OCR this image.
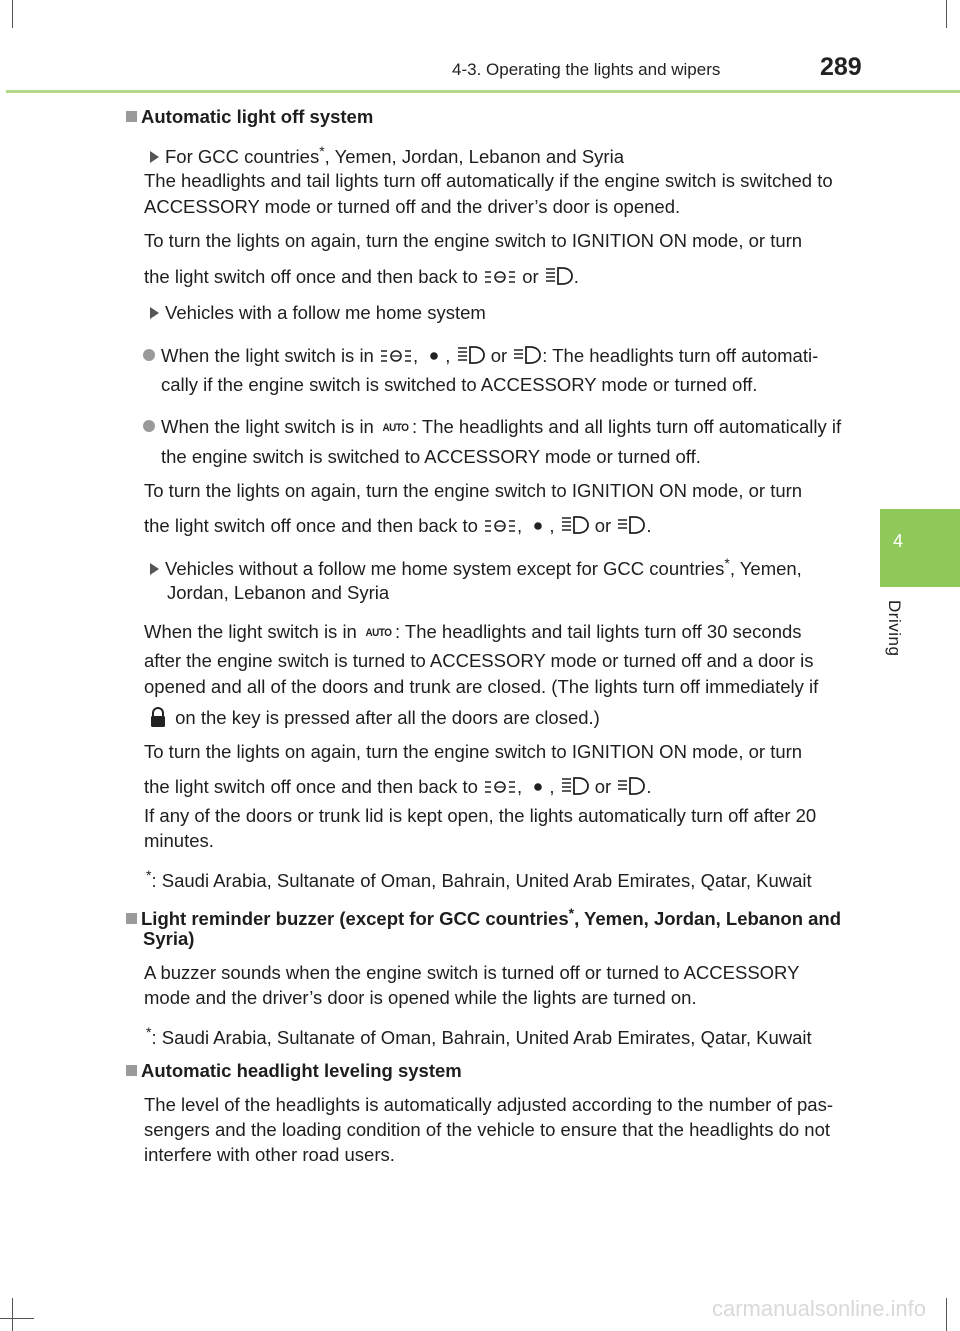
4-3. Operating the lights and wipers	289
4
Driving
Automatic light off system
For GCC countries*, Yemen, Jordan, Lebanon and Syria
The headlights and tail lights turn off automatically if the engine switch is switched to
ACCESSORY mode or turned off and the driver’s door is opened.
To turn the lights on again, turn the engine switch to IGNITION ON mode, or turn
the light switch off once and then back to or .
Vehicles with a follow me home system
When the light switch is in , , or : The headlights turn off automati-
cally if the engine switch is switched to ACCESSORY mode or turned off.
When the light switch is in AUTO : The headlights and all lights turn off automatically if
the engine switch is switched to ACCESSORY mode or turned off.
To turn the lights on again, turn the engine switch to IGNITION ON mode, or turn
the light switch off once and then back to , , or .
Vehicles without a follow me home system except for GCC countries*, Yemen,
Jordan, Lebanon and Syria
When the light switch is in AUTO : The headlights and tail lights turn off 30 seconds
after the engine switch is turned to ACCESSORY mode or turned off and a door is
opened and all of the doors and trunk are closed. (The lights turn off immediately if
on the key is pressed after all the doors are closed.)
To turn the lights on again, turn the engine switch to IGNITION ON mode, or turn
the light switch off once and then back to , , or .
If any of the doors or trunk lid is kept open, the lights automatically turn off after 20
minutes.
*: Saudi Arabia, Sultanate of Oman, Bahrain, United Arab Emirates, Qatar, Kuwait
Light reminder buzzer (except for GCC countries*, Yemen, Jordan, Lebanon and
Syria)
A buzzer sounds when the engine switch is turned off or turned to ACCESSORY
mode and the driver’s door is opened while the lights are turned on.
*: Saudi Arabia, Sultanate of Oman, Bahrain, United Arab Emirates, Qatar, Kuwait
Automatic headlight leveling system
The level of the headlights is automatically adjusted according to the number of pas-
sengers and the loading condition of the vehicle to ensure that the headlights do not
interfere with other road users.
carmanualsonline.info
